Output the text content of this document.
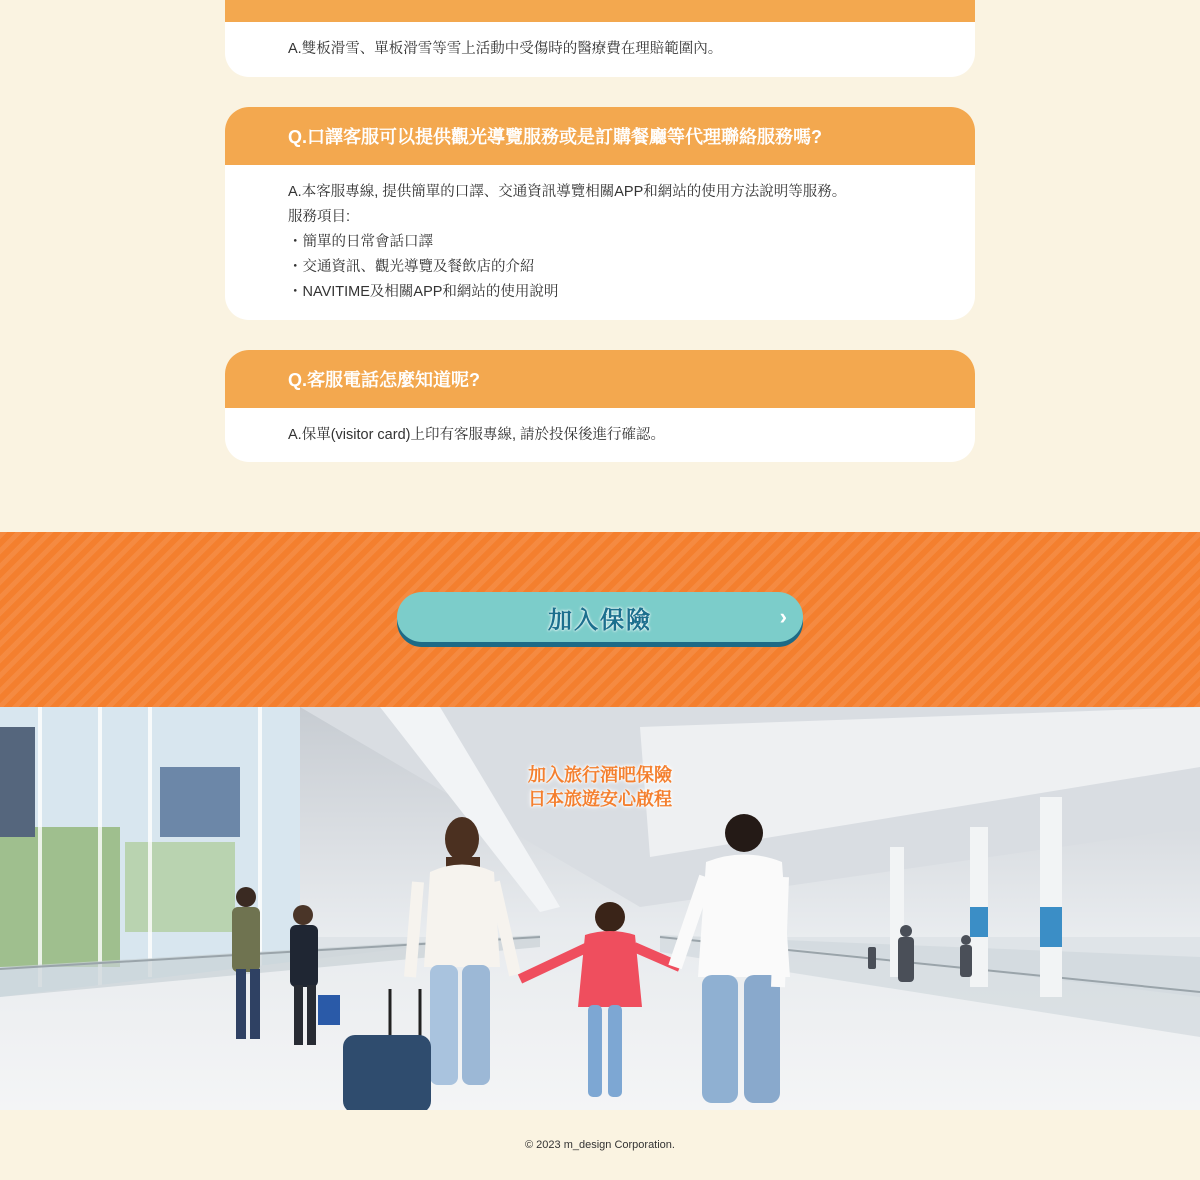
A.雙板滑雪、單板滑雪等雪上活動中受傷時的醫療費在理賠範圍內。
Q.口譯客服可以提供觀光導覽服務或是訂購餐廳等代理聯絡服務嗎?
A.本客服專線, 提供簡單的口譯、交通資訊導覽相關APP和網站的使用方法說明等服務。
服務項目:
・簡單的日常會話口譯
・交通資訊、觀光導覽及餐飲店的介紹
・NAVITIME及相關APP和網站的使用說明
Q.客服電話怎麼知道呢?
A.保單(visitor card)上印有客服專線, 請於投保後進行確認。
加入保險	›
加入旅行酒吧保險
日本旅遊安心啟程
© 2023 m_design Corporation.
